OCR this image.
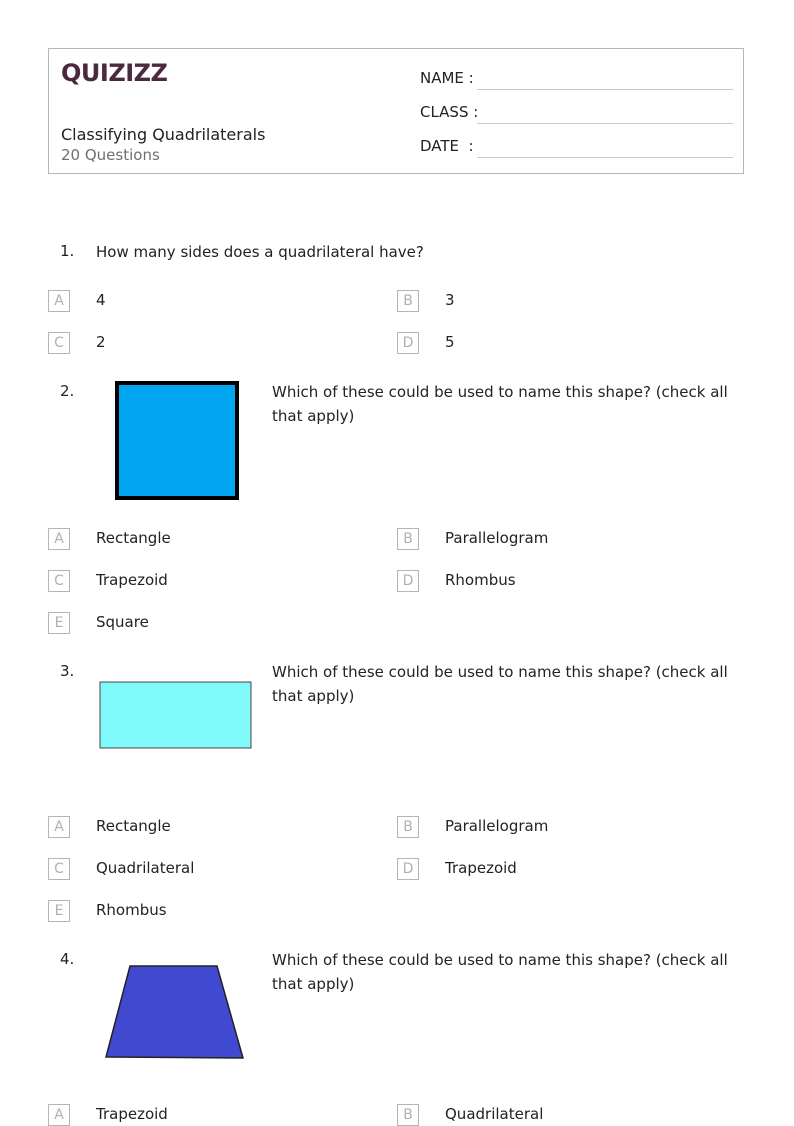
QUIZIZZ
Classifying Quadrilaterals
20 Questions
NAME :
CLASS :
DATE  :
1. How many sides does a quadrilateral have?
A	4	B	3
C	2	D	5
2.	Which of these could be used to name this shape? (check all that apply)
A	Rectangle	B	Parallelogram
C	Trapezoid	D	Rhombus
E	Square
3.	Which of these could be used to name this shape? (check all that apply)
A	Rectangle	B	Parallelogram
C	Quadrilateral	D	Trapezoid
E	Rhombus
4.	Which of these could be used to name this shape? (check all that apply)
A	Trapezoid	B	Quadrilateral
